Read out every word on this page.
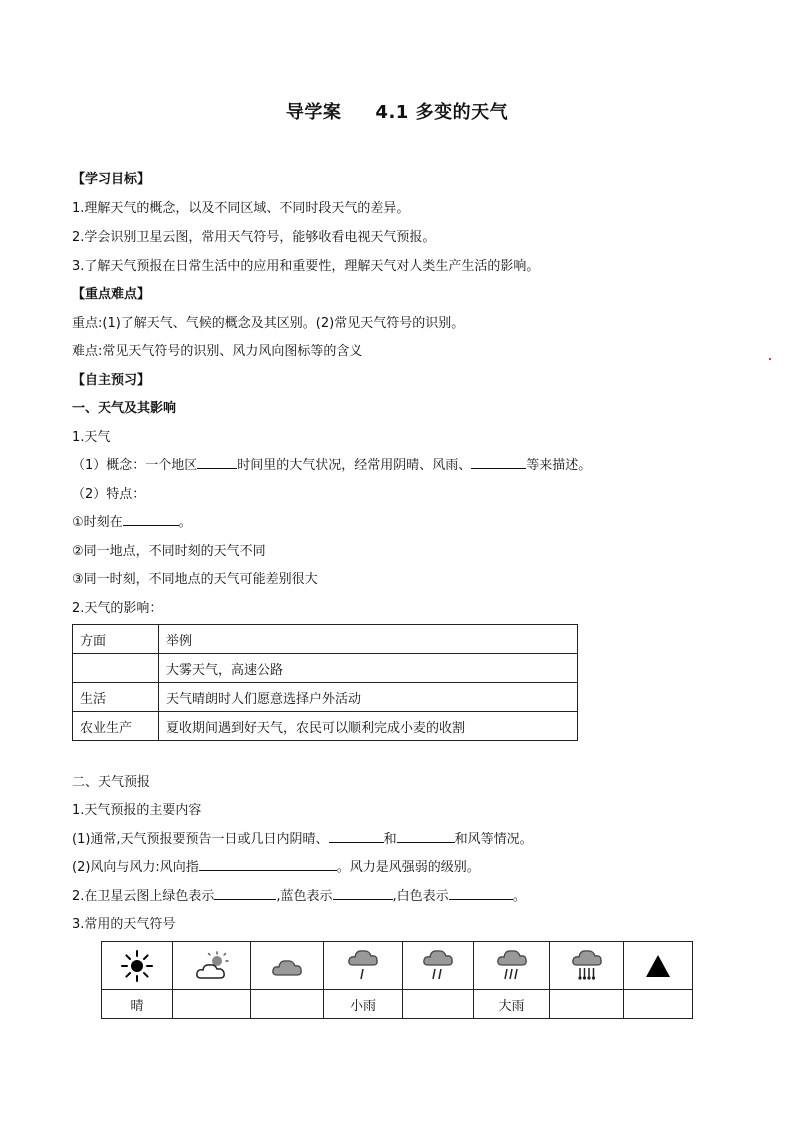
导学案 4.1 多变的天气
【学习目标】
1.理解天气的概念，以及不同区域、不同时段天气的差异。
2.学会识别卫星云图，常用天气符号，能够收看电视天气预报。
3.了解天气预报在日常生活中的应用和重要性，理解天气对人类生产生活的影响。
【重点难点】
重点:(1)了解天气、气候的概念及其区别。(2)常见天气符号的识别。
难点:常见天气符号的识别、风力风向图标等的含义
【自主预习】
一、天气及其影响
1.天气
（1）概念：一个地区	时间里的大气状况，经常用阴晴、风雨、	等来描述。
（2）特点：
①时刻在	。
②同一地点，不同时刻的天气不同
③同一时刻，不同地点的天气可能差别很大
2.天气的影响：
方面	举例
	大雾天气，高速公路
生活	天气晴朗时人们愿意选择户外活动
农业生产	夏收期间遇到好天气，农民可以顺利完成小麦的收割
二、天气预报
1.天气预报的主要内容
(1)通常,天气预报要预告一日或几日内阴晴、	和	和风等情况。
(2)风向与风力:风向指	。风力是风强弱的级别。
2.在卫星云图上绿色表示	,蓝色表示	,白色表示	。
3.常用的天气符号

晴			小雨		大雨		
